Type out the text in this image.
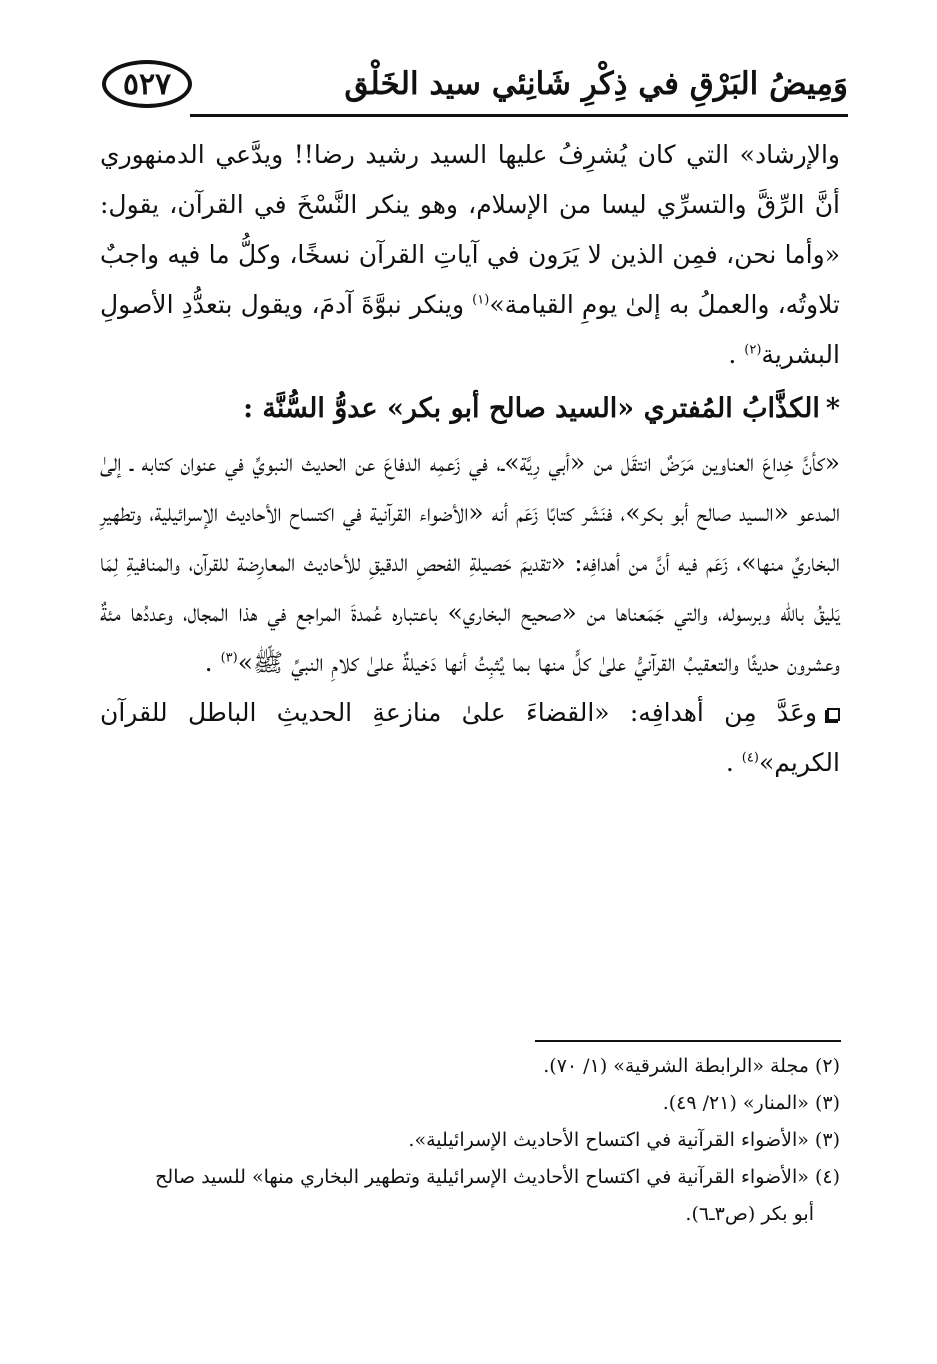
٥٢٧	وَمِيضُ البَرْقِ في ذِكْرِ شَانِئي سيد الخَلْق

والإرشاد» التي كان يُشرِفُ عليها السيد رشيد رضا!! ويدَّعي الدمنهوري أنَّ الرِّقَّ والتسرِّي ليسا من الإسلام، وهو ينكر النَّسْخَ في القرآن، يقول: «وأما نحن، فمِن الذين لا يَرَون في آياتِ القرآن نسخًا، وكلُّ ما فيه واجبٌ تلاوتُه، والعملُ به إلىٰ يومِ القيامة»$^{(١)}$ وينكر نبوَّةَ آدمَ، ويقول بتعدُّدِ الأصولِ البشرية$^{(٢)}$ .

*الكذَّابُ المُفتري «السيد صالح أبو بكر» عدوُّ السُّنَّة :

«كأنَّ خِداعَ العناوين مَرَضٌ انتقَل من «أبي رِيَّة»ـ، في زَعمِه الدفاعَ عن الحديث النبويِّ في عنوان كتابه ـ إلىٰ المدعو «السيد صالح أبو بكر»، فنَشَر كتابًا زَعَم أنه «الأضواء القرآنية في اكتساح الأحاديث الإسرائيلية، وتطهيرِ البخاريِّ منها»، زَعَم فيه أنَّ من أهدافِه: «تقديمَ حَصيلةِ الفحصِ الدقيقِ للأحاديث المعارِضة للقرآن، والمنافيةِ لِمَا يَليقُ باللّٰه وبرسوله، والتي جَمَعناها من «صحيح البخاري» باعتباره عُمدةَ المراجع في هذا المجال، وعددُها مئةٌ وعشرون حديثًا والتعقيبُ القرآنيُّ علىٰ كلٍّ منها بما يُثبِتُ أنها دَخيلةٌ علىٰ كلامِ النبيِّ ﷺ»$^{(٣)}$ .

وعَدَّ مِن أهدافِه: «القضاءَ علىٰ منازعةِ الحديثِ الباطل للقرآن الكريم»$^{(٤)}$ .

(٢) مجلة «الرابطة الشرقية» (١/ ٧٠).

(٣) «المنار» (٢١/ ٤٩).

(٣) «الأضواء القرآنية في اكتساح الأحاديث الإسرائيلية».

(٤) «الأضواء القرآنية في اكتساح الأحاديث الإسرائيلية وتطهير البخاري منها» للسيد صالح

أبو بكر (ص٣ـ٦).
